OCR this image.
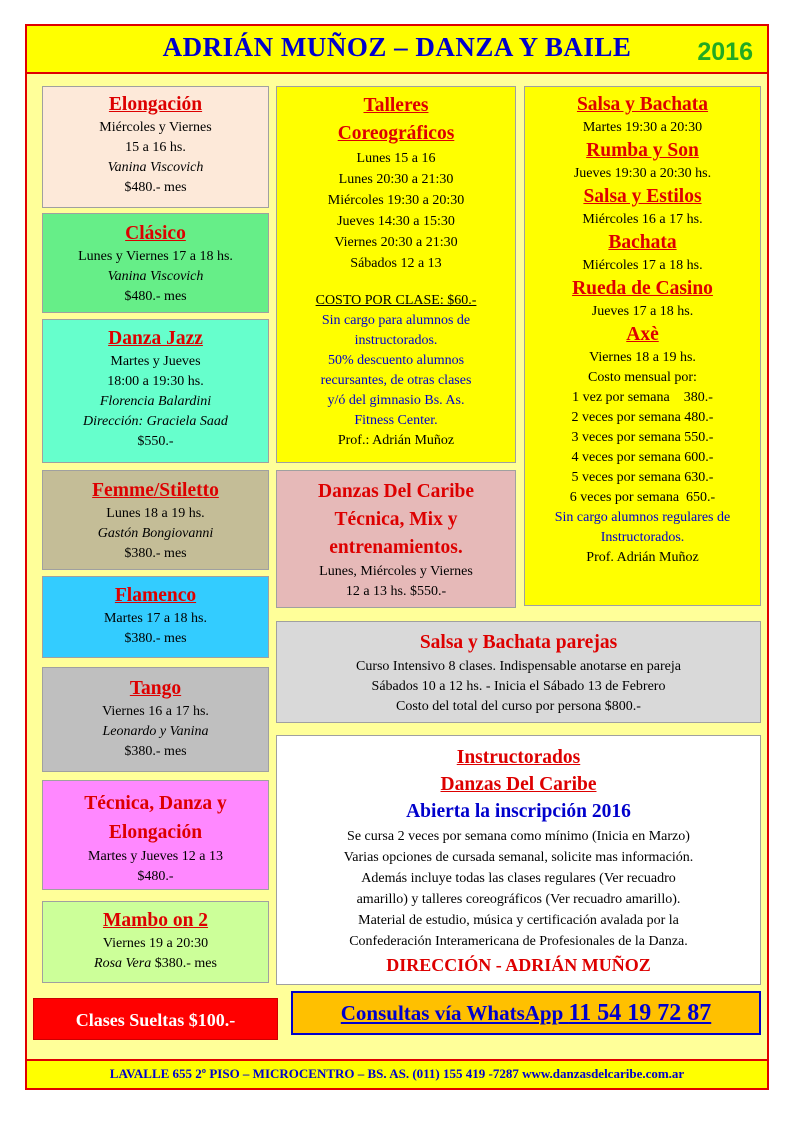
ADRIÁN MUÑOZ – DANZA Y BAILE	2016
Elongación
Miércoles y Viernes
15 a 16 hs.
Vanina Viscovich
$480.- mes
Clásico
Lunes y Viernes 17 a 18 hs.
Vanina Viscovich
$480.- mes
Danza Jazz
Martes y Jueves
18:00 a 19:30 hs.
Florencia Balardini
Dirección: Graciela Saad
$550.-
Femme/Stiletto
Lunes 18 a 19 hs.
Gastón Bongiovanni
$380.- mes
Flamenco
Martes 17 a 18 hs.
$380.- mes
Tango
Viernes 16 a 17 hs.
Leonardo y Vanina
$380.- mes
Técnica, Danza y
Elongación
Martes y Jueves 12 a 13
$480.-
Mambo on 2
Viernes 19 a 20:30
Rosa Vera $380.- mes
Talleres
Coreográficos
Lunes 15 a 16
Lunes 20:30 a 21:30
Miércoles 19:30 a 20:30
Jueves 14:30 a 15:30
Viernes 20:30 a 21:30
Sábados 12 a 13
COSTO POR CLASE: $60.-
Sin cargo para alumnos de
instructorados.
50% descuento alumnos
recursantes, de otras clases
y/ó del gimnasio Bs. As.
Fitness Center.
Prof.: Adrián Muñoz
Danzas Del Caribe
Técnica, Mix y
entrenamientos.
Lunes, Miércoles y Viernes
12 a 13 hs. $550.-
Salsa y Bachata
Martes 19:30 a 20:30
Rumba y Son
Jueves 19:30 a 20:30 hs.
Salsa y Estilos
Miércoles 16 a 17 hs.
Bachata
Miércoles 17 a 18 hs.
Rueda de Casino
Jueves 17 a 18 hs.
Axè
Viernes 18 a 19 hs.
Costo mensual por:
1 vez por semana    380.-
2 veces por semana 480.-
3 veces por semana 550.-
4 veces por semana 600.-
5 veces por semana 630.-
6 veces por semana  650.-
Sin cargo alumnos regulares de
Instructorados.
Prof. Adrián Muñoz
Salsa y Bachata parejas
Curso Intensivo 8 clases. Indispensable anotarse en pareja
Sábados 10 a 12 hs. - Inicia el Sábado 13 de Febrero
Costo del total del curso por persona $800.-
Instructorados
Danzas Del Caribe
Abierta la inscripción 2016
Se cursa 2 veces por semana como mínimo (Inicia en Marzo)
Varias opciones de cursada semanal, solicite mas información.
Además incluye todas las clases regulares (Ver recuadro
amarillo) y talleres coreográficos (Ver recuadro amarillo).
Material de estudio, música y certificación avalada por la
Confederación Interamericana de Profesionales de la Danza.
DIRECCIÓN - ADRIÁN MUÑOZ
Clases Sueltas $100.-	Consultas vía WhatsApp 11 54 19 72 87
LAVALLE 655 2º PISO – MICROCENTRO – BS. AS. (011) 155 419 -7287 www.danzasdelcaribe.com.ar
